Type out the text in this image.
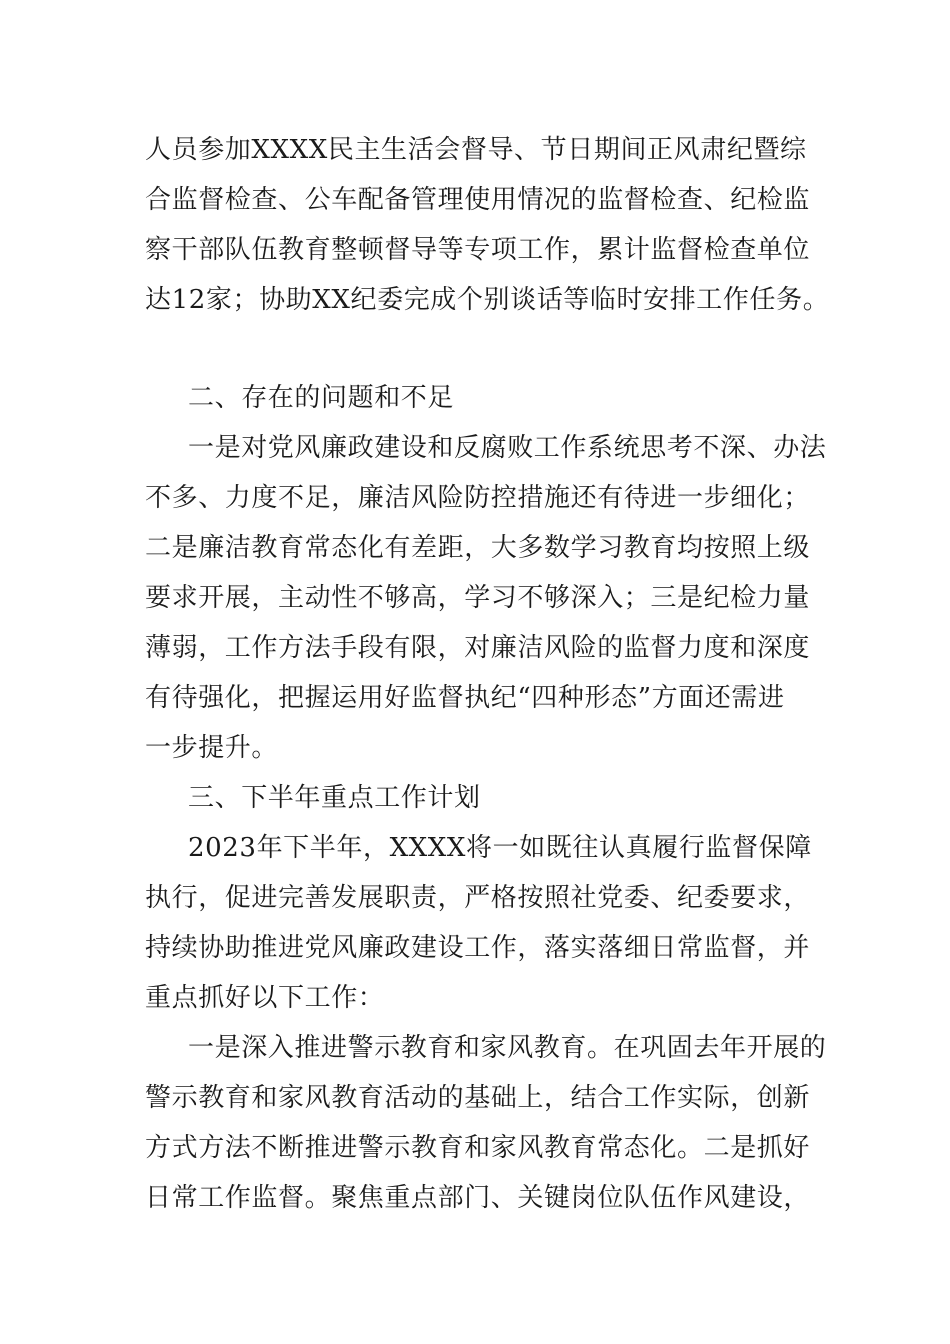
人员参加XXXX民主生活会督导、节日期间正风肃纪暨综
合监督检查、公车配备管理使用情况的监督检查、纪检监
察干部队伍教育整顿督导等专项工作，累计监督检查单位
达12家；协助XX纪委完成个别谈话等临时安排工作任务。
二、存在的问题和不足
一是对党风廉政建设和反腐败工作系统思考不深、办法
不多、力度不足，廉洁风险防控措施还有待进一步细化；
二是廉洁教育常态化有差距，大多数学习教育均按照上级
要求开展，主动性不够高，学习不够深入；三是纪检力量
薄弱，工作方法手段有限，对廉洁风险的监督力度和深度
有待强化，把握运用好监督执纪“四种形态”方面还需进
一步提升。
三、下半年重点工作计划
2023年下半年，XXXX将一如既往认真履行监督保障
执行，促进完善发展职责，严格按照社党委、纪委要求，
持续协助推进党风廉政建设工作，落实落细日常监督，并
重点抓好以下工作：
一是深入推进警示教育和家风教育。在巩固去年开展的
警示教育和家风教育活动的基础上，结合工作实际，创新
方式方法不断推进警示教育和家风教育常态化。二是抓好
日常工作监督。聚焦重点部门、关键岗位队伍作风建设，
